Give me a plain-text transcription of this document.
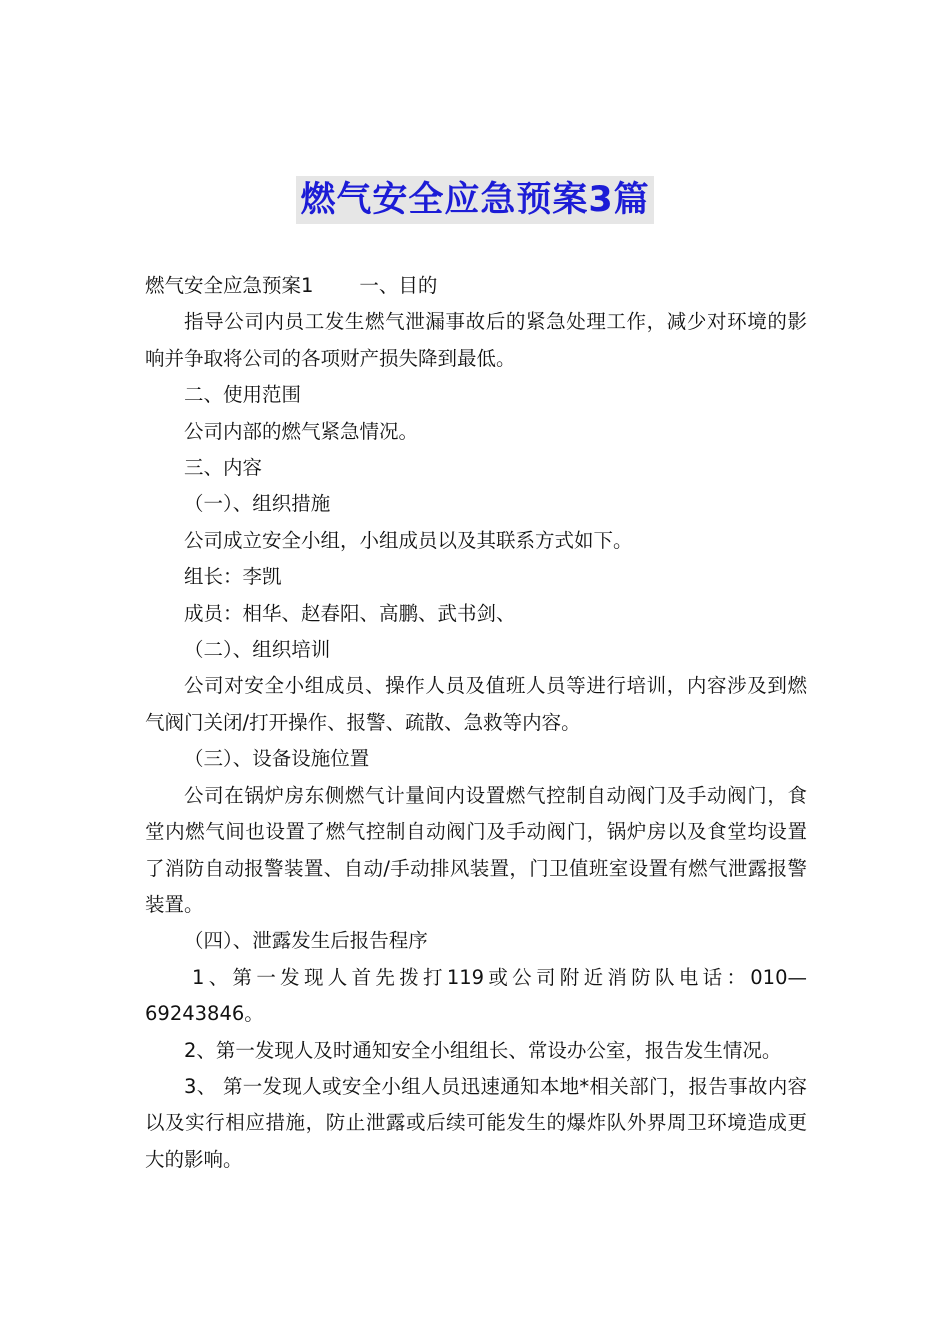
燃气安全应急预案3篇

燃气安全应急预案1 一、目的

指导公司内员工发生燃气泄漏事故后的紧急处理工作，减少对环境的影响并争取将公司的各项财产损失降到最低。

二、使用范围

公司内部的燃气紧急情况。

三、内容

（一）、组织措施

公司成立安全小组，小组成员以及其联系方式如下。

组长：李凯

成员：相华、赵春阳、高鹏、武书剑、

（二）、组织培训

公司对安全小组成员、操作人员及值班人员等进行培训，内容涉及到燃气阀门关闭/打开操作、报警、疏散、急救等内容。

（三）、设备设施位置

公司在锅炉房东侧燃气计量间内设置燃气控制自动阀门及手动阀门，食堂内燃气间也设置了燃气控制自动阀门及手动阀门，锅炉房以及食堂均设置了消防自动报警装置、自动/手动排风装置，门卫值班室设置有燃气泄露报警装置。

（四）、泄露发生后报告程序

1、第一发现人首先拨打119或公司附近消防队电话：010—69243846。

2、第一发现人及时通知安全小组组长、常设办公室，报告发生情况。

3、 第一发现人或安全小组人员迅速通知本地*相关部门，报告事故内容以及实行相应措施，防止泄露或后续可能发生的爆炸队外界周卫环境造成更大的影响。
